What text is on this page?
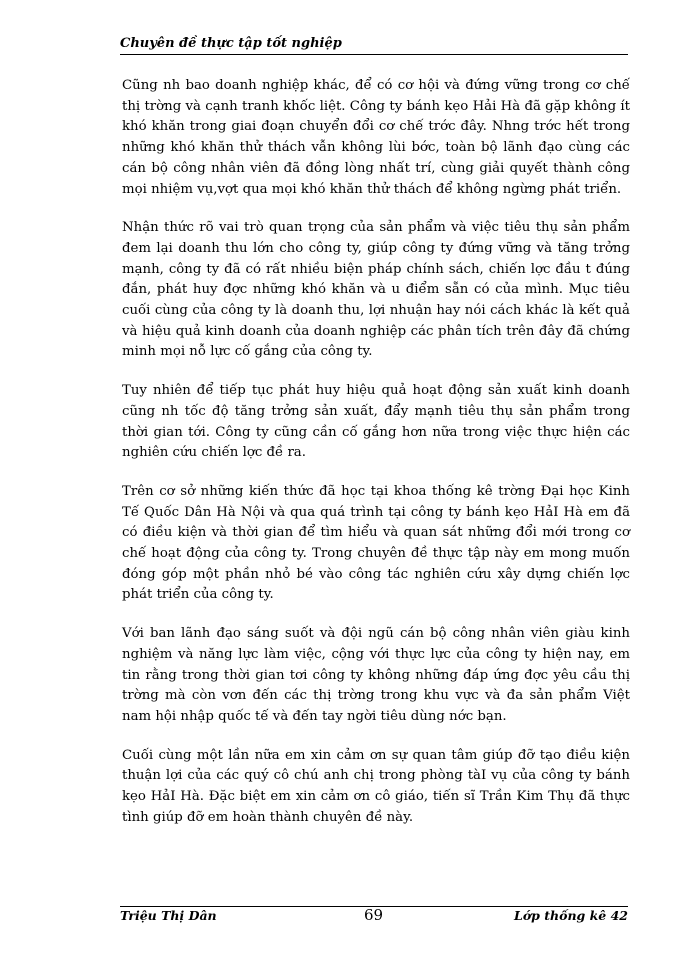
Chuyên đề thực tập tốt nghiệp

Cũng nh bao doanh nghiệp khác, để có cơ hội và đứng vững trong cơ chế thị trờng và cạnh tranh khốc liệt. Công ty bánh kẹo Hải Hà đã gặp không ít khó khăn trong giai đoạn chuyển đổi cơ chế trớc đây. Nhng trớc hết trong những khó khăn thử thách vẫn không lùi bớc, toàn bộ lãnh đạo cùng các cán bộ công nhân viên đã đồng lòng nhất trí, cùng giải quyết thành công mọi nhiệm vụ,vợt qua mọi khó khăn thử thách để không ngừng phát triển.

Nhận thức rõ vai trò quan trọng của sản phẩm và việc tiêu thụ sản phẩm đem lại doanh thu lớn cho công ty, giúp công ty đứng vững và tăng trởng mạnh, công ty đã có rất nhiều biện pháp chính sách, chiến lợc đầu t đúng đắn, phát huy đợc những khó khăn và u điểm sẵn có của mình. Mục tiêu cuối cùng của công ty là doanh thu, lợi nhuận hay nói cách khác là kết quả và hiệu quả kinh doanh của doanh nghiệp các phân tích trên đây đã chứng minh mọi nỗ lực cố gắng của công ty.

Tuy nhiên để tiếp tục phát huy hiệu quả hoạt động sản xuất kinh doanh cũng nh tốc độ tăng trởng sản xuất, đẩy mạnh tiêu thụ sản phẩm trong thời gian tới. Công ty cũng cần cố gắng hơn nữa trong việc thực hiện các nghiên cứu chiến lợc đề ra.

Trên cơ sở những kiến thức đã học tại khoa thống kê trờng Đại học Kinh Tế Quốc Dân Hà Nội và qua quá trình tại công ty bánh kẹo HảI Hà em đã có điều kiện và thời gian để tìm hiểu và quan sát những đổi mới trong cơ chế hoạt động của công ty. Trong chuyên đề thực tập này em mong muốn đóng góp một phần nhỏ bé vào công tác nghiên cứu xây dựng chiến lợc phát triển của công ty.

Với ban lãnh đạo sáng suốt và đội ngũ cán bộ công nhân viên giàu kinh nghiệm và năng lực làm việc, cộng với thực lực của công ty hiện nay, em tin rằng trong thời gian tơi công ty không những đáp ứng đợc yêu cầu thị trờng mà còn vơn đến các thị trờng trong khu vực và đa sản phẩm Việt nam hội nhập quốc tế và đến tay ngời tiêu dùng nớc bạn.

Cuối cùng một lần nữa em xin cảm ơn sự quan tâm giúp đỡ tạo điều kiện thuận lợi của các quý cô chú anh chị trong phòng tàI vụ của công ty bánh kẹo HảI Hà. Đặc biệt em xin cảm ơn cô giáo, tiến sĩ Trần Kim Thụ đã thực tình giúp đỡ em hoàn thành chuyên đề này.

Triệu Thị Dân	69	Lớp thống kê 42
